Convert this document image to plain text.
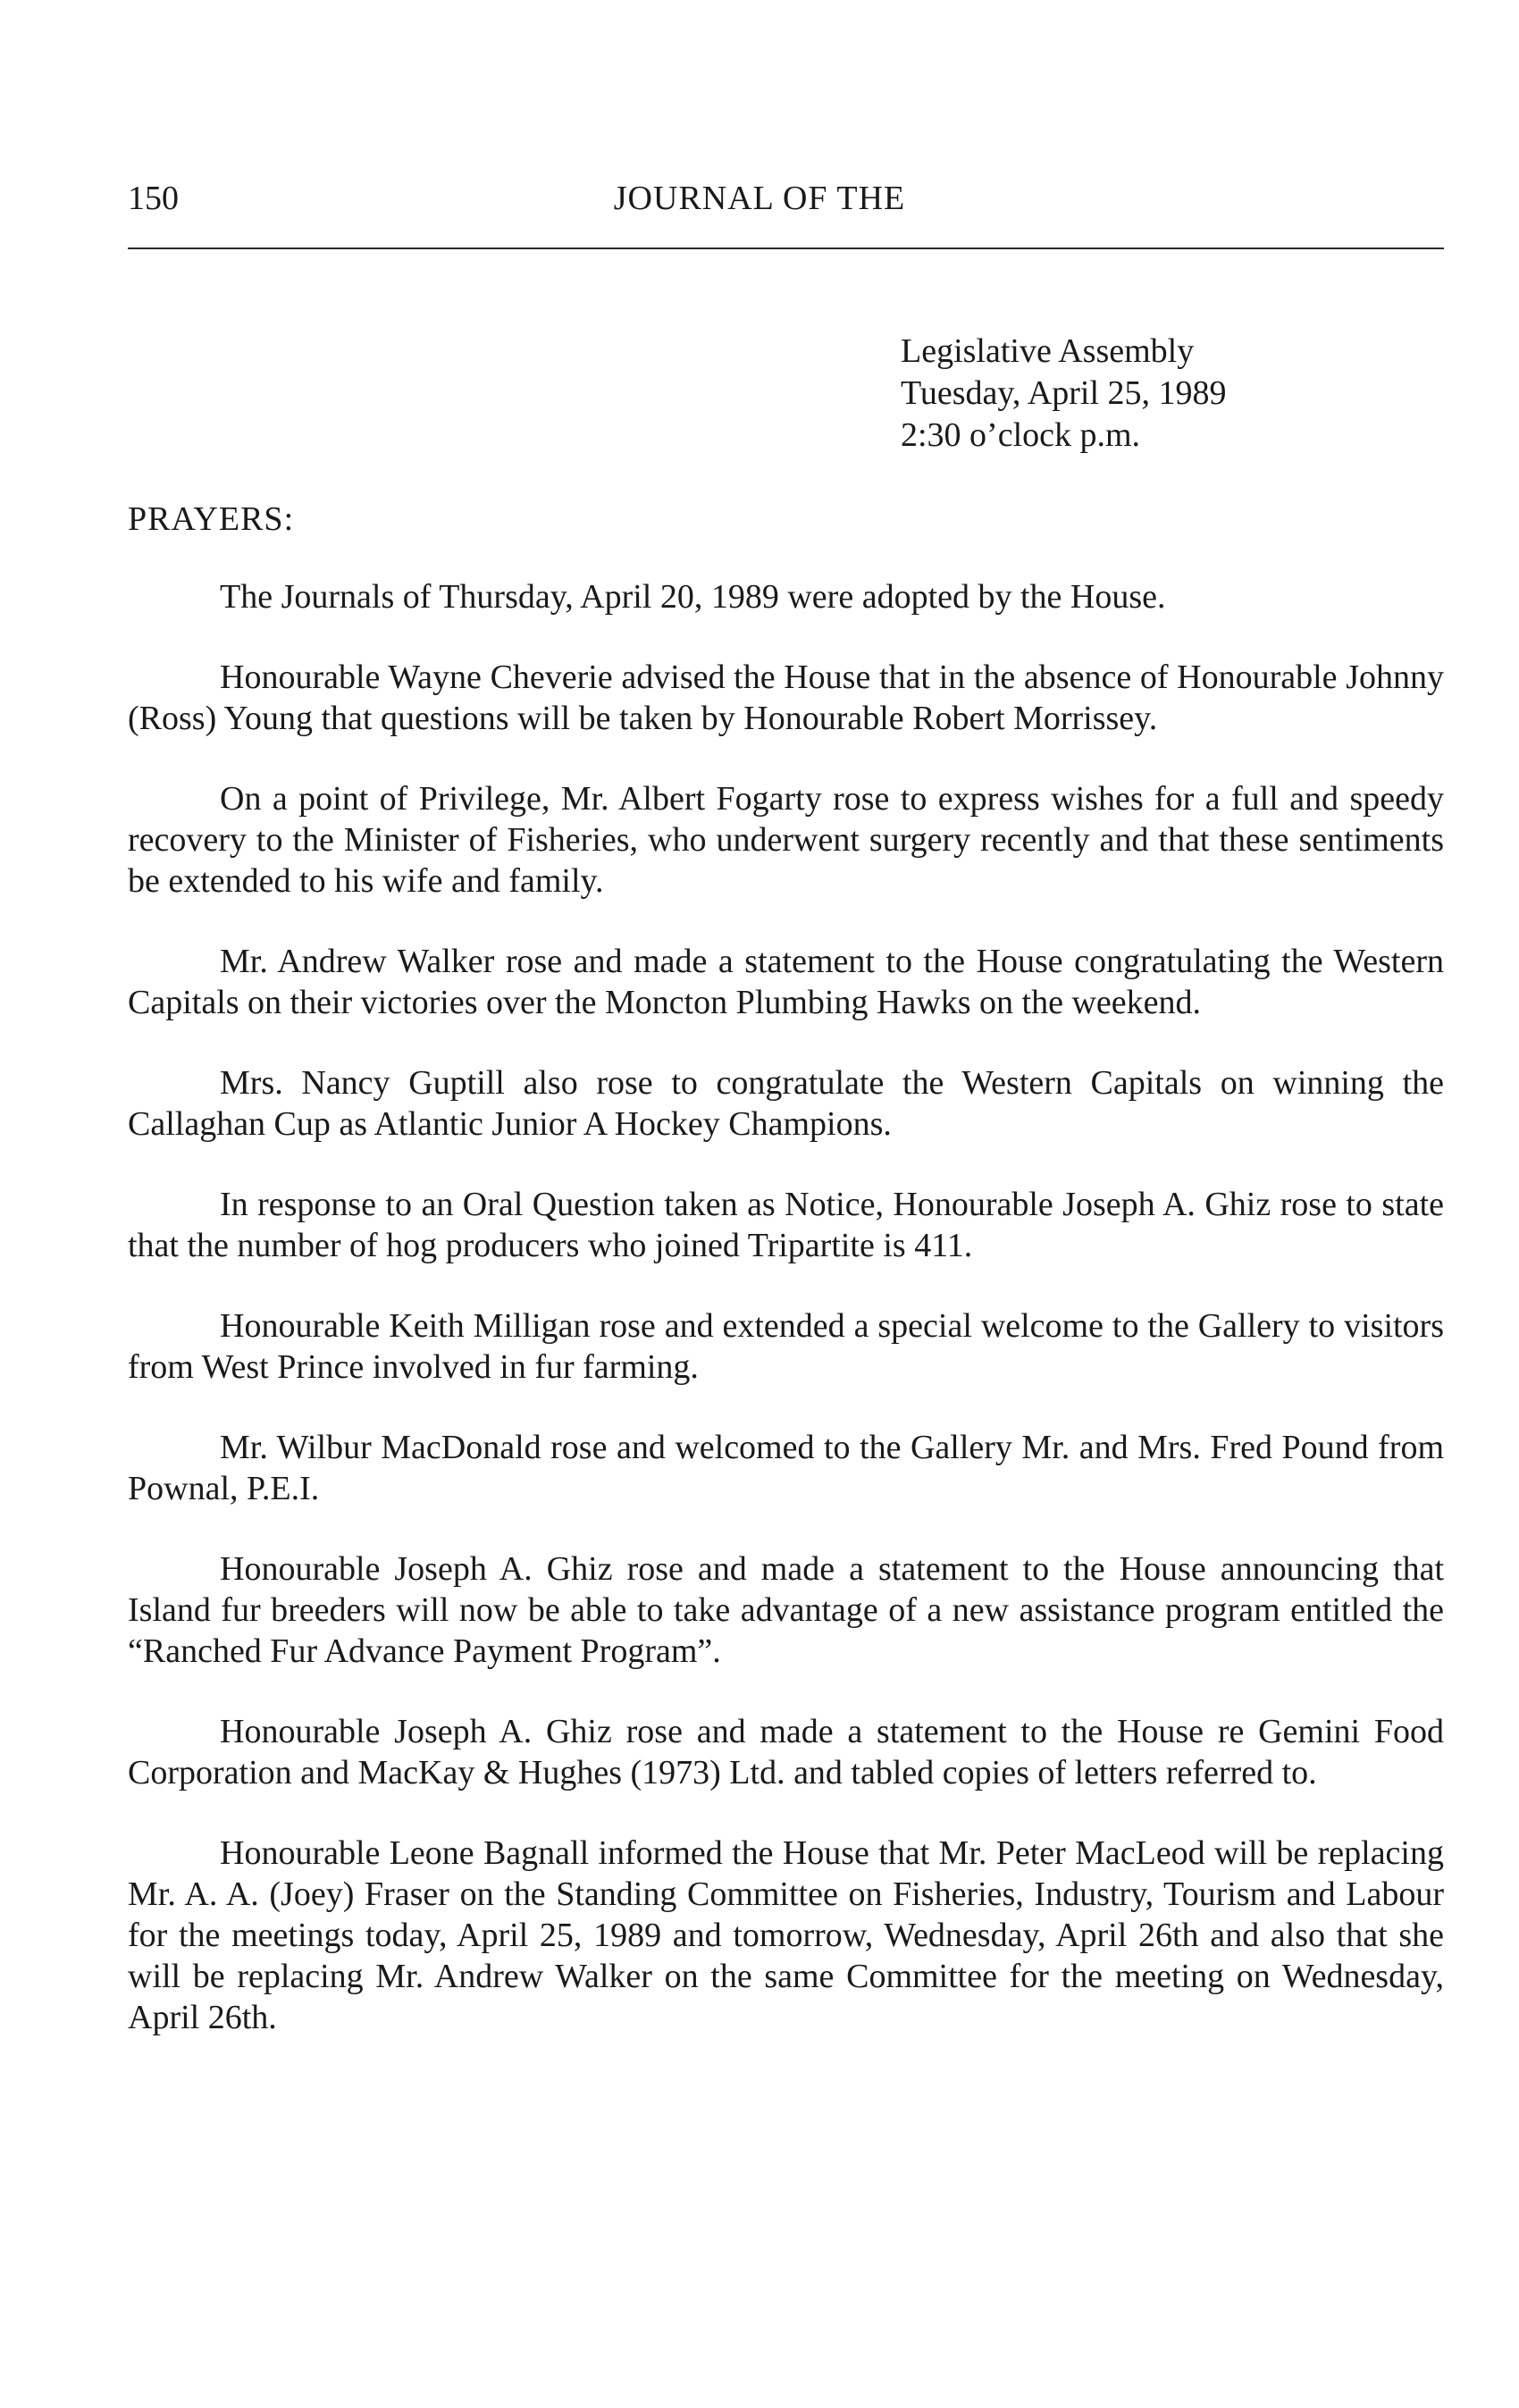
150	JOURNAL OF THE
Legislative Assembly
Tuesday, April 25, 1989
2:30 o’clock p.m.
PRAYERS:

The Journals of Thursday, April 20, 1989 were adopted by the House.

Honourable Wayne Cheverie advised the House that in the absence of Honourable Johnny (Ross) Young that questions will be taken by Honourable Robert Morrissey.

On a point of Privilege, Mr. Albert Fogarty rose to express wishes for a full and speedy recovery to the Minister of Fisheries, who underwent surgery recently and that these sentiments be extended to his wife and family.

Mr. Andrew Walker rose and made a statement to the House congratulating the Western Capitals on their victories over the Moncton Plumbing Hawks on the weekend.

Mrs. Nancy Guptill also rose to congratulate the Western Capitals on winning the Callaghan Cup as Atlantic Junior A Hockey Champions.

In response to an Oral Question taken as Notice, Honourable Joseph A. Ghiz rose to state that the number of hog producers who joined Tripartite is 411.

Honourable Keith Milligan rose and extended a special welcome to the Gallery to visitors from West Prince involved in fur farming.

Mr. Wilbur MacDonald rose and welcomed to the Gallery Mr. and Mrs. Fred Pound from Pownal, P.E.I.

Honourable Joseph A. Ghiz rose and made a statement to the House announcing that Island fur breeders will now be able to take advantage of a new assistance program entitled the “Ranched Fur Advance Payment Program”.

Honourable Joseph A. Ghiz rose and made a statement to the House re Gemini Food Corporation and MacKay & Hughes (1973) Ltd. and tabled copies of letters referred to.

Honourable Leone Bagnall informed the House that Mr. Peter MacLeod will be replacing Mr. A. A. (Joey) Fraser on the Standing Committee on Fisheries, Industry, Tourism and Labour for the meetings today, April 25, 1989 and tomorrow, Wednesday, April 26th and also that she will be replacing Mr. Andrew Walker on the same Committee for the meeting on Wednesday, April 26th.
